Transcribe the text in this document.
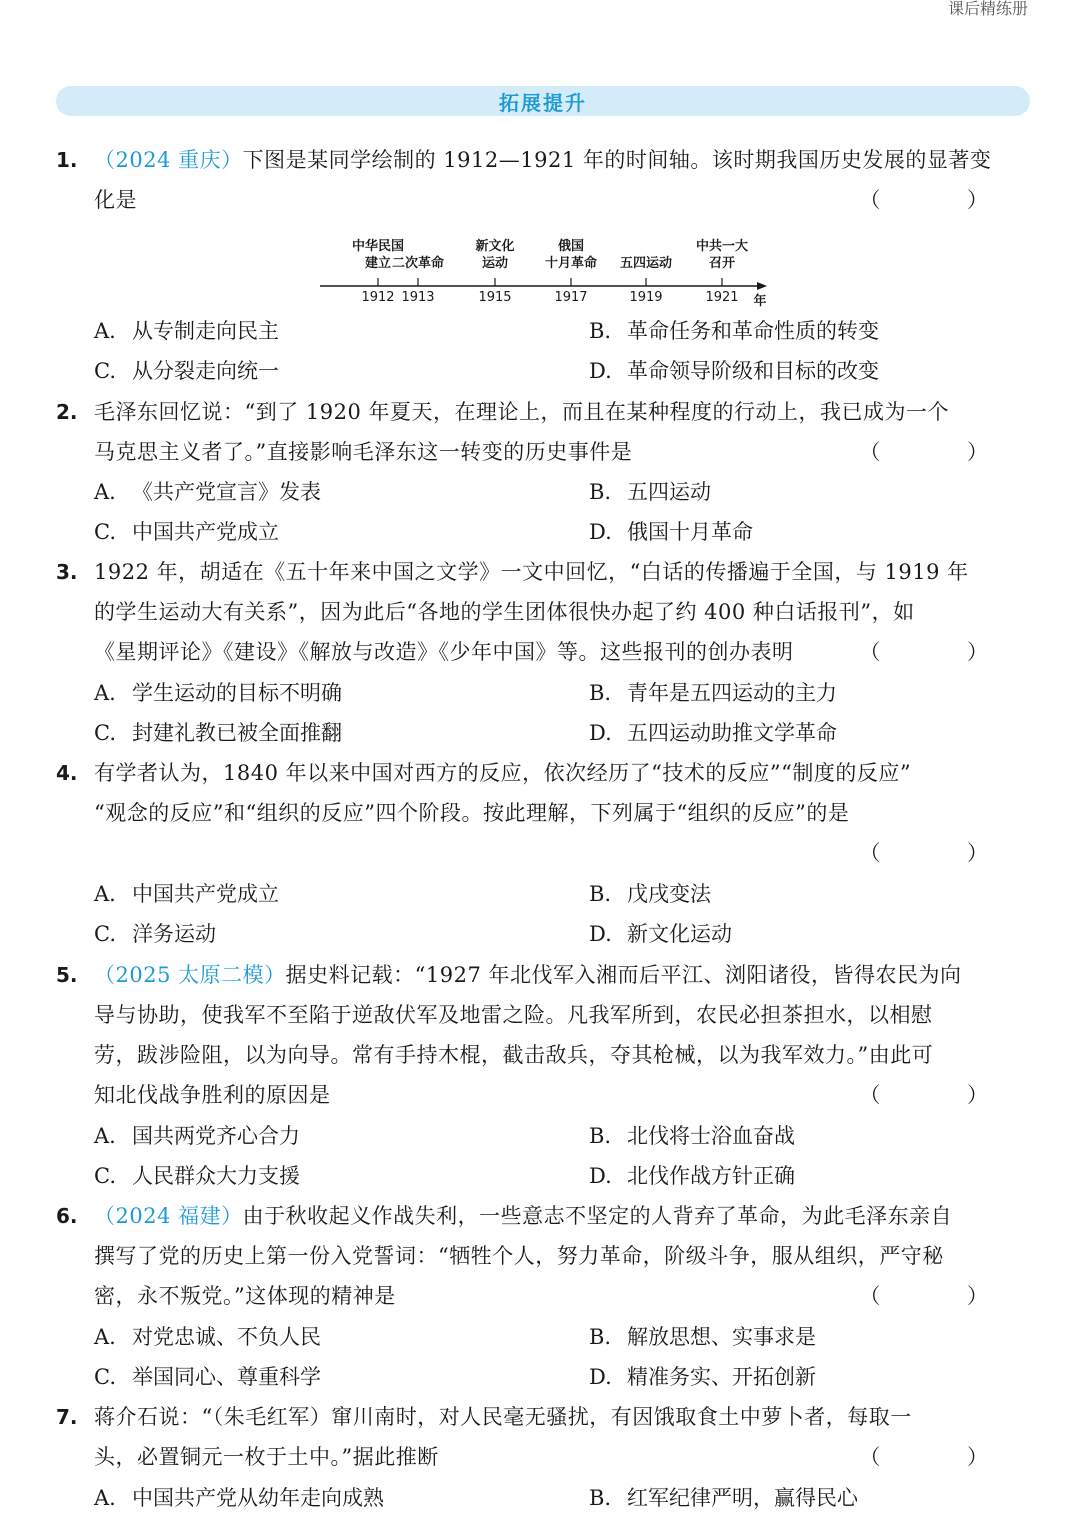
课后精练册
拓展提升
1. （2024 重庆）下图是某同学绘制的 1912—1921 年的时间轴。该时期我国历史发展的显著变
化是	（ ）
A. 从专制走向民主	B. 革命任务和革命性质的转变
C. 从分裂走向统一	D. 革命领导阶级和目标的改变
2. 毛泽东回忆说：“到了 1920 年夏天，在理论上，而且在某种程度的行动上，我已成为一个
马克思主义者了。”直接影响毛泽东这一转变的历史事件是	（ ）
A. 《共产党宣言》发表	B. 五四运动
C. 中国共产党成立	D. 俄国十月革命
3. 1922 年，胡适在《五十年来中国之文学》一文中回忆，“白话的传播遍于全国，与 1919 年
的学生运动大有关系”，因为此后“各地的学生团体很快办起了约 400 种白话报刊”，如
《星期评论》《建设》《解放与改造》《少年中国》等。这些报刊的创办表明	（ ）
A. 学生运动的目标不明确	B. 青年是五四运动的主力
C. 封建礼教已被全面推翻	D. 五四运动助推文学革命
4. 有学者认为，1840 年以来中国对西方的反应，依次经历了“技术的反应”“制度的反应”
“观念的反应”和“组织的反应”四个阶段。按此理解，下列属于“组织的反应”的是
（ ）
A. 中国共产党成立	B. 戊戌变法
C. 洋务运动	D. 新文化运动
5. （2025 太原二模）据史料记载：“1927 年北伐军入湘而后平江、浏阳诸役，皆得农民为向
导与协助，使我军不至陷于逆敌伏军及地雷之险。凡我军所到，农民必担茶担水，以相慰
劳，跋涉险阻，以为向导。常有手持木棍，截击敌兵，夺其枪械，以为我军效力。”由此可
知北伐战争胜利的原因是	（ ）
A. 国共两党齐心合力	B. 北伐将士浴血奋战
C. 人民群众大力支援	D. 北伐作战方针正确
6. （2024 福建）由于秋收起义作战失利，一些意志不坚定的人背弃了革命，为此毛泽东亲自
撰写了党的历史上第一份入党誓词：“牺牲个人，努力革命，阶级斗争，服从组织，严守秘
密，永不叛党。”这体现的精神是	（ ）
A. 对党忠诚、不负人民	B. 解放思想、实事求是
C. 举国同心、尊重科学	D. 精准务实、开拓创新
7. 蒋介石说：“（朱毛红军）窜川南时，对人民毫无骚扰，有因饿取食土中萝卜者，每取一
头，必置铜元一枚于土中。”据此推断	（ ）
A. 中国共产党从幼年走向成熟	B. 红军纪律严明，赢得民心
中华民国
建立
1912
二次革命
1913
新文化
运动
1915
俄国
十月革命
1917
五四运动
1919
中共一大
召开
1921 年
